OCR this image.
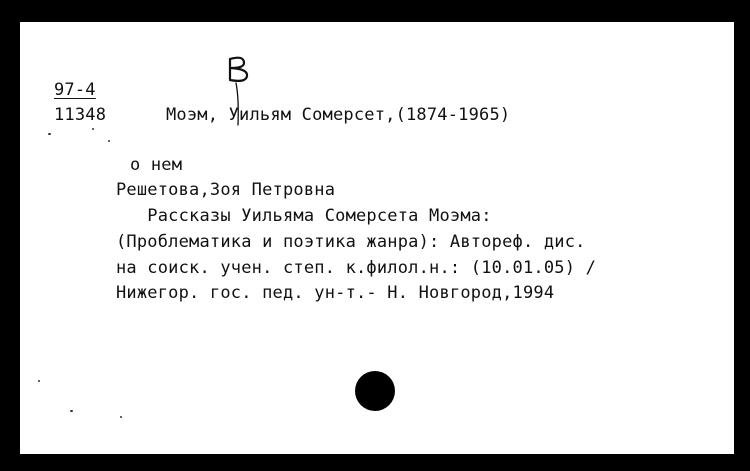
97-4
11348	Моэм, Уильям Сомерсет,(1874-1965)
о нем
Решетова,Зоя Петровна
Рассказы Уильяма Сомерсета Моэма:
(Проблематика и поэтика жанра): Автореф. дис.
на соиск. учен. степ. к.филол.н.: (10.01.05) /
Нижегор. гос. пед. ун-т.- Н. Новгород,1994
